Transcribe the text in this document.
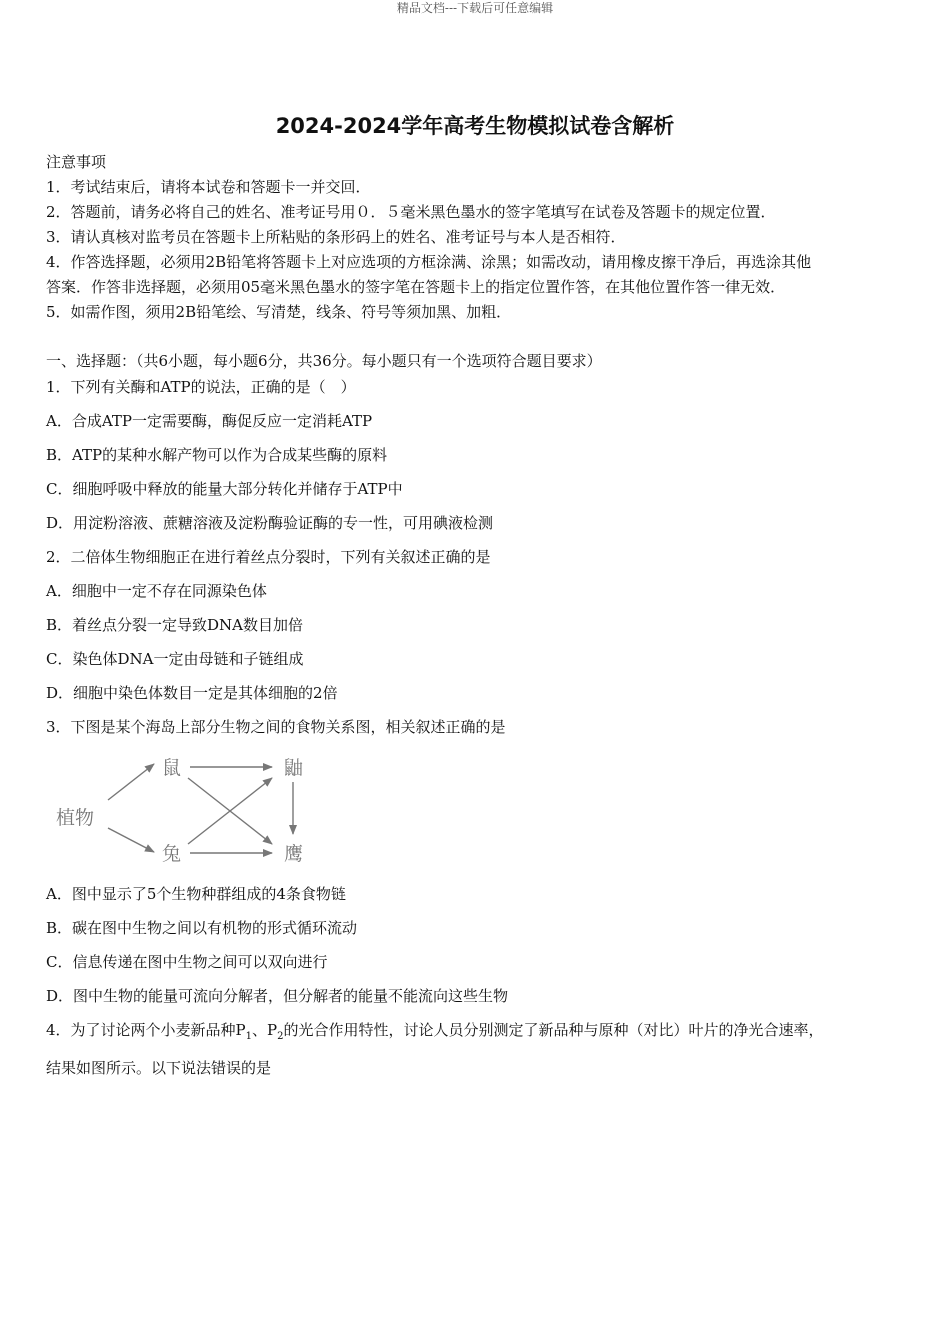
精品文档---下载后可任意编辑
2024-2024学年高考生物模拟试卷含解析
注意事项
1．考试结束后，请将本试卷和答题卡一并交回．
2．答题前，请务必将自己的姓名、准考证号用０．５毫米黑色墨水的签字笔填写在试卷及答题卡的规定位置．
3．请认真核对监考员在答题卡上所粘贴的条形码上的姓名、准考证号与本人是否相符．
4．作答选择题，必须用2B铅笔将答题卡上对应选项的方框涂满、涂黑；如需改动，请用橡皮擦干净后，再选涂其他
答案．作答非选择题，必须用05毫米黑色墨水的签字笔在答题卡上的指定位置作答，在其他位置作答一律无效．
5．如需作图，须用2B铅笔绘、写清楚，线条、符号等须加黑、加粗．
一、选择题：（共6小题，每小题6分，共36分。每小题只有一个选项符合题目要求）
1．下列有关酶和ATP的说法，正确的是（　）
A．合成ATP一定需要酶，酶促反应一定消耗ATP
B．ATP的某种水解产物可以作为合成某些酶的原料
C．细胞呼吸中释放的能量大部分转化并储存于ATP中
D．用淀粉溶液、蔗糖溶液及淀粉酶验证酶的专一性，可用碘液检测
2．二倍体生物细胞正在进行着丝点分裂时，下列有关叙述正确的是
A．细胞中一定不存在同源染色体
B．着丝点分裂一定导致DNA数目加倍
C．染色体DNA一定由母链和子链组成
D．细胞中染色体数目一定是其体细胞的2倍
3．下图是某个海岛上部分生物之间的食物关系图，相关叙述正确的是
植物
鼠
兔
鼬
鹰
A．图中显示了5个生物种群组成的4条食物链
B．碳在图中生物之间以有机物的形式循环流动
C．信息传递在图中生物之间可以双向进行
D．图中生物的能量可流向分解者，但分解者的能量不能流向这些生物
4．为了讨论两个小麦新品种$P_1$、$P_2$的光合作用特性，讨论人员分别测定了新品种与原种（对比）叶片的净光合速率，
结果如图所示。以下说法错误的是
